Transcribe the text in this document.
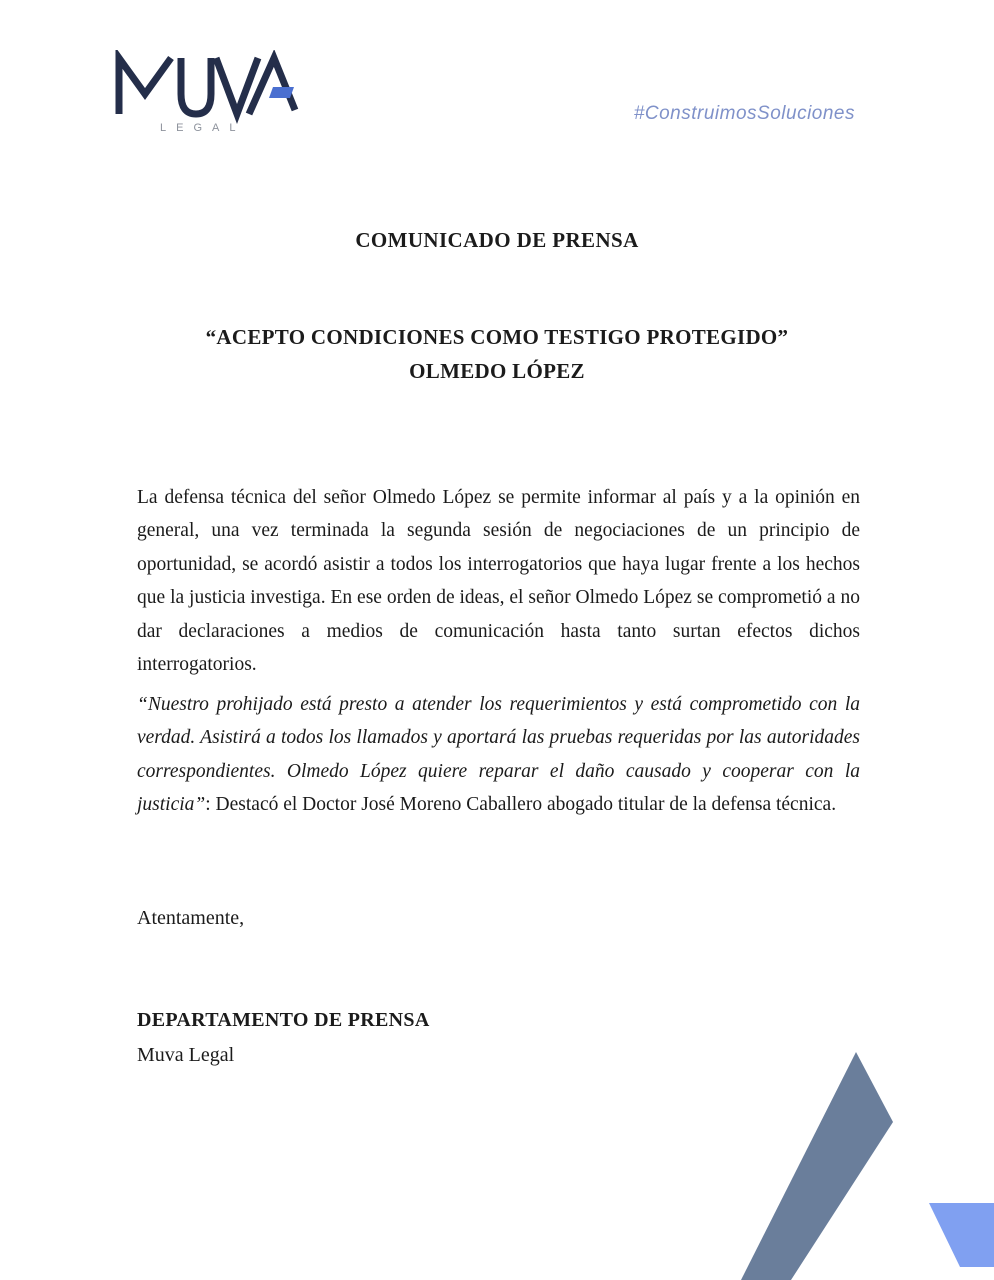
LEGAL
#ConstruimosSoluciones
COMUNICADO DE PRENSA
“ACEPTO CONDICIONES COMO TESTIGO PROTEGIDO”
OLMEDO LÓPEZ

La defensa técnica del señor Olmedo López se permite informar al país y a la opinión en general, una vez terminada la segunda sesión de negociaciones de un principio de oportunidad, se acordó asistir a todos los interrogatorios que haya lugar frente a los hechos que la justicia investiga. En ese orden de ideas, el señor Olmedo López se comprometió a no dar declaraciones a medios de comunicación hasta tanto surtan efectos dichos interrogatorios.

“Nuestro prohijado está presto a atender los requerimientos y está comprometido con la verdad. Asistirá a todos los llamados y aportará las pruebas requeridas por las autoridades correspondientes. Olmedo López quiere reparar el daño causado y cooperar con la justicia”: Destacó el Doctor José Moreno Caballero abogado titular de la defensa técnica.

Atentamente,
DEPARTAMENTO DE PRENSA
Muva Legal
